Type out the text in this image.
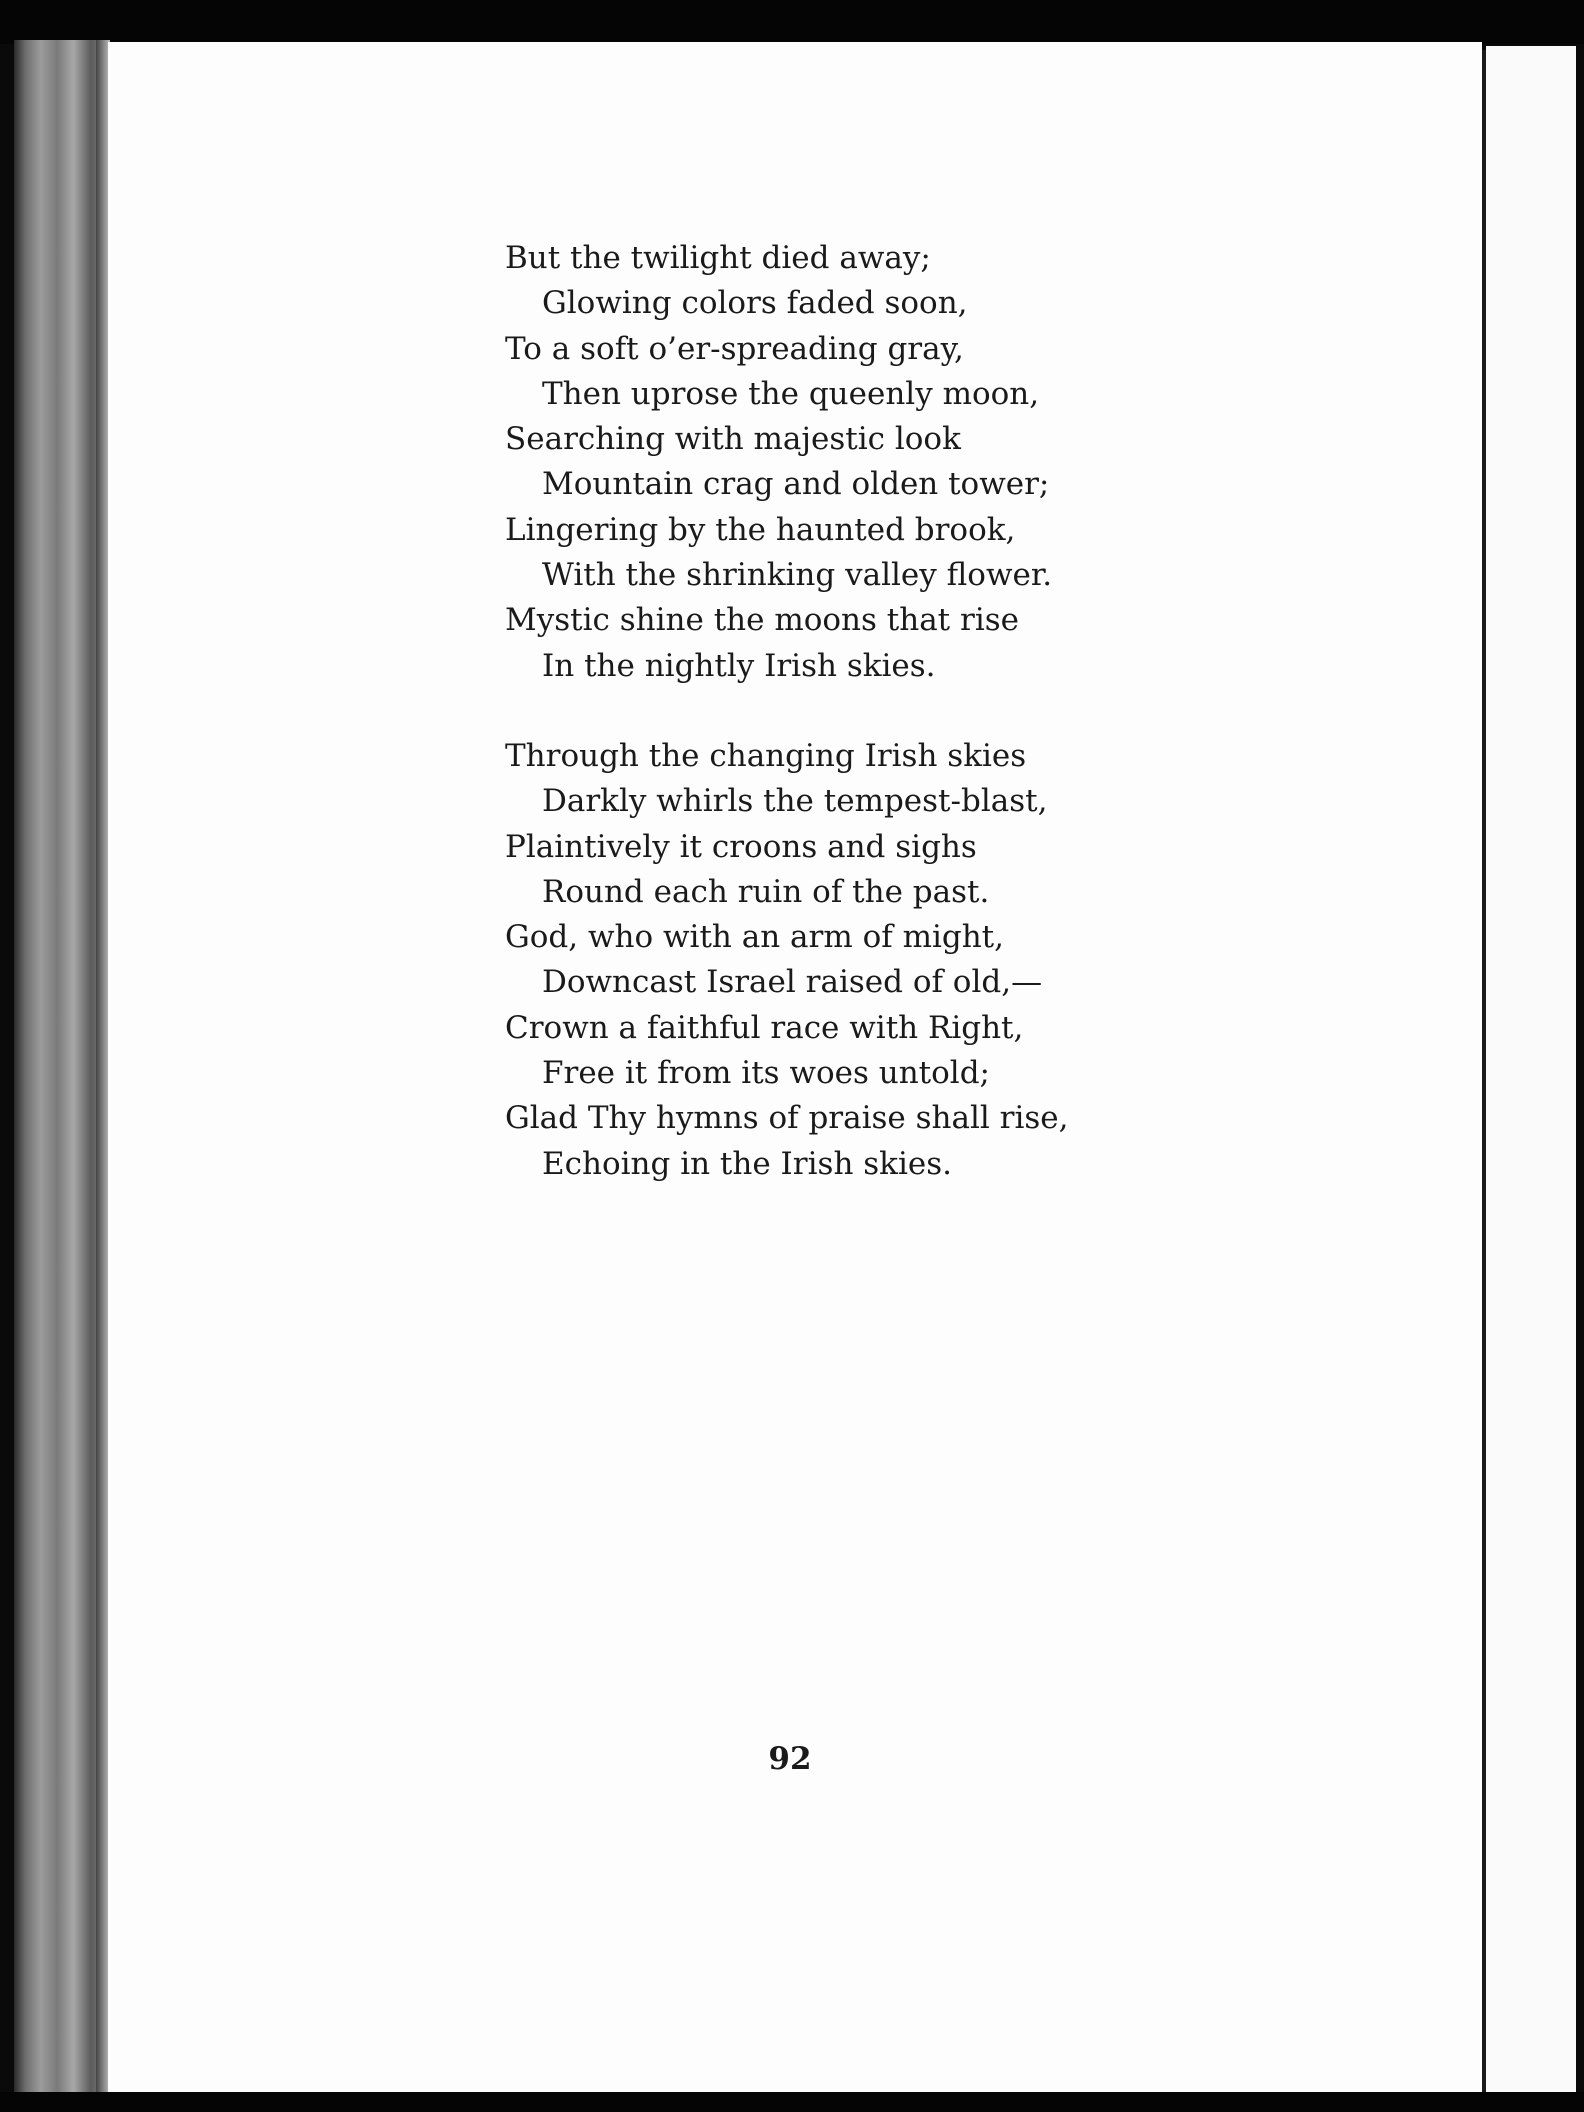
But the twilight died away;
Glowing colors faded soon,
To a soft o’er-spreading gray,
Then uprose the queenly moon,
Searching with majestic look
Mountain crag and olden tower;
Lingering by the haunted brook,
With the shrinking valley flower.
Mystic shine the moons that rise
In the nightly Irish skies.
Through the changing Irish skies
Darkly whirls the tempest-blast,
Plaintively it croons and sighs
Round each ruin of the past.
God, who with an arm of might,
Downcast Israel raised of old,—
Crown a faithful race with Right,
Free it from its woes untold;
Glad Thy hymns of praise shall rise,
Echoing in the Irish skies.
92
